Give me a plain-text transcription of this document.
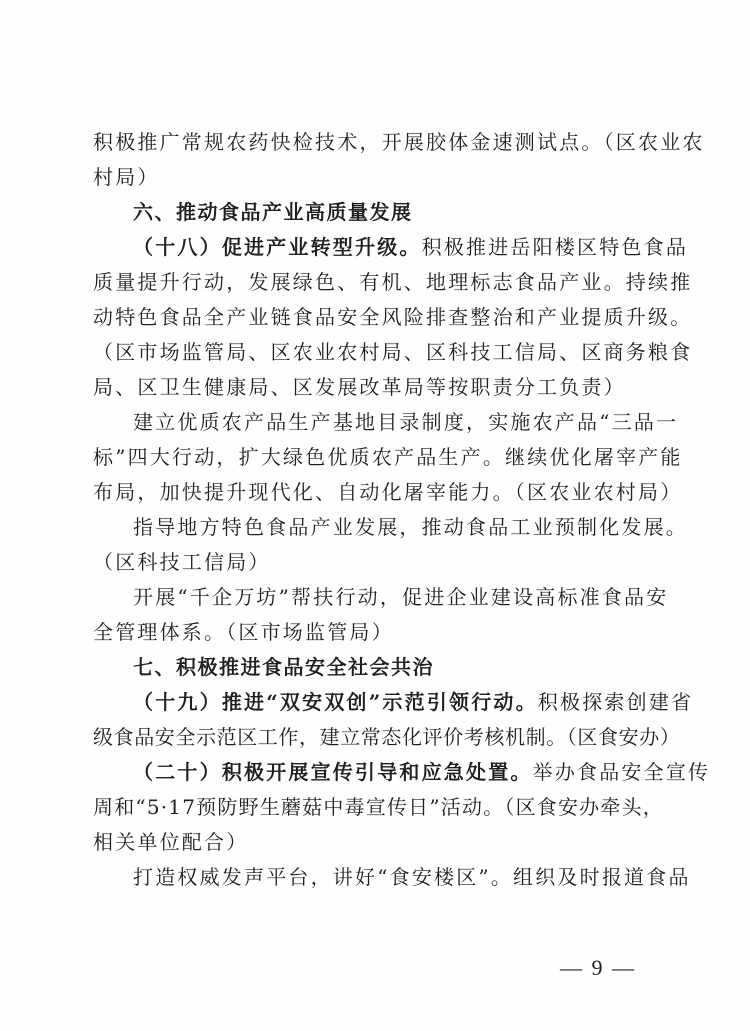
积极推广常规农药快检技术，开展胶体金速测试点。（区农业农
村局）
六、推动食品产业高质量发展
（十八）促进产业转型升级。积极推进岳阳楼区特色食品
质量提升行动，发展绿色、有机、地理标志食品产业。持续推
动特色食品全产业链食品安全风险排查整治和产业提质升级。
（区市场监管局、区农业农村局、区科技工信局、区商务粮食
局、区卫生健康局、区发展改革局等按职责分工负责）
建立优质农产品生产基地目录制度，实施农产品“三品一
标”四大行动，扩大绿色优质农产品生产。继续优化屠宰产能
布局，加快提升现代化、自动化屠宰能力。（区农业农村局）
指导地方特色食品产业发展，推动食品工业预制化发展。
（区科技工信局）
开展“千企万坊”帮扶行动，促进企业建设高标准食品安
全管理体系。（区市场监管局）
七、积极推进食品安全社会共治
（十九）推进“双安双创”示范引领行动。积极探索创建省
级食品安全示范区工作，建立常态化评价考核机制。（区食安办）
（二十）积极开展宣传引导和应急处置。举办食品安全宣传
周和“5·17预防野生蘑菇中毒宣传日”活动。（区食安办牵头，
相关单位配合）
打造权威发声平台，讲好“食安楼区”。组织及时报道食品
— 9 —
